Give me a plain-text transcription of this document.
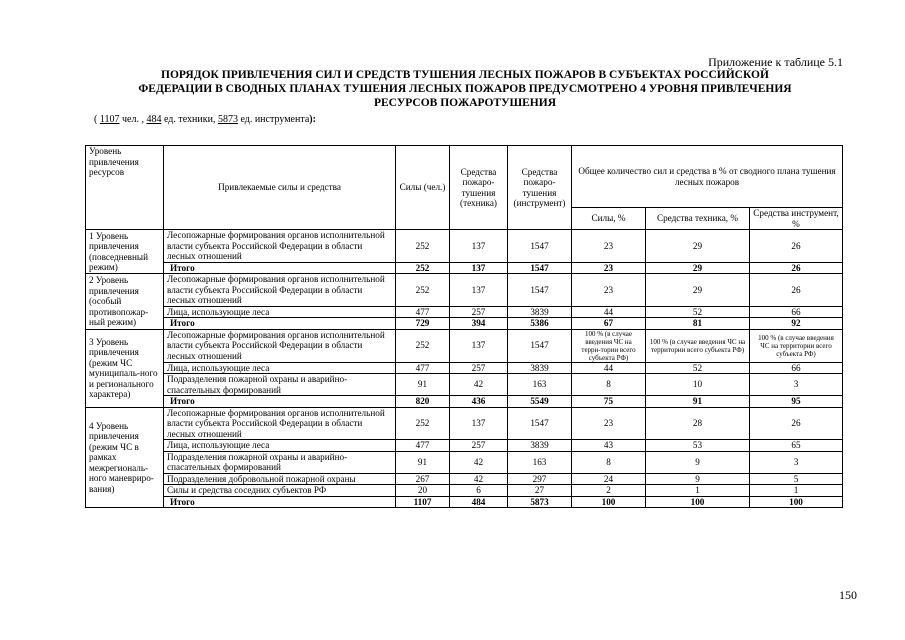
Приложение к таблице 5.1
ПОРЯДОК ПРИВЛЕЧЕНИЯ СИЛ И СРЕДСТВ ТУШЕНИЯ ЛЕСНЫХ ПОЖАРОВ В СУБЪЕКТАХ РОССИЙСКОЙ
ФЕДЕРАЦИИ В СВОДНЫХ ПЛАНАХ ТУШЕНИЯ ЛЕСНЫХ ПОЖАРОВ ПРЕДУСМОТРЕНО 4 УРОВНЯ ПРИВЛЕЧЕНИЯ
РЕСУРСОВ ПОЖАРОТУШЕНИЯ
( 1107 чел. , 484 ед. техники, 5873 ед. инструмента):
Уровень привлечения ресурсов	Привлекаемые силы и средства	Силы (чел.)	Средства пожаро-тушения (техника)	Средства пожаро-тушения (инструмент)	Общее количество сил и средства в % от сводного плана тушения лесных пожаров		
					Силы, %	Средства техника, %	Средства инструмент, %
1 Уровень привлечения (повседневный режим)	Лесопожарные формирования органов исполнительной власти субъекта Российской Федерации в области лесных отношений	252	137	1547	23	29	26
	Итого	252	137	1547	23	29	26
2 Уровень привлечения (особый противопожар-ный режим)	Лесопожарные формирования органов исполнительной власти субъекта Российской Федерации в области лесных отношений	252	137	1547	23	29	26
	Лица, использующие леса	477	257	3839	44	52	66
	Итого	729	394	5386	67	81	92
3 Уровень привлечения (режим ЧС муниципаль-ного и регионального характера)	Лесопожарные формирования органов исполнительной власти субъекта Российской Федерации в области лесных отношений	252	137	1547	100 % (в случае введения ЧС на терри-тории всего субъекта РФ)	100 % (в случае введения ЧС на территории всего субъекта РФ)	100 % (в случае введения ЧС на территории всего субъекта РФ)
	Лица, использующие леса	477	257	3839	44	52	66
	Подразделения пожарной охраны и аварийно-спасательных формирований	91	42	163	8	10	3
	Итого	820	436	5549	75	91	95
4 Уровень привлечения (режим ЧС в рамках межрегиональ-ного маневриро-вания)	Лесопожарные формирования органов исполнительной власти субъекта Российской Федерации в области лесных отношений	252	137	1547	23	28	26
	Лица, использующие леса	477	257	3839	43	53	65
	Подразделения пожарной охраны и аварийно-спасательных формирований	91	42	163	8	9	3
	Подразделения добровольной пожарной охраны	267	42	297	24	9	5
	Силы и средства соседних субъектов РФ	20	6	27	2	1	1
	Итого	1107	484	5873	100	100	100
150
